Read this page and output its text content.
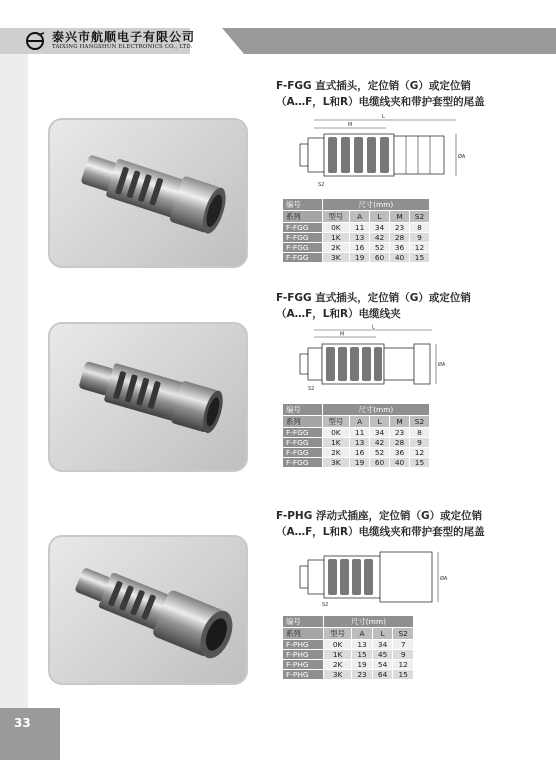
泰兴市航顺电子有限公司
TAIXING HANGSHUN ELECTRONICS CO., LTD.
33
F-FGG 直式插头，定位销（G）或定位销
（A…F，L和R）电缆线夹和带护套型的尾盖
L
M
ØA
S2
编号	尺寸(mm)				
系列	型号	A	L	M	S2
F-FGG	0K	11	34	23	8
F-FGG	1K	13	42	28	9
F-FGG	2K	16	52	36	12
F-FGG	3K	19	60	40	15
F-FGG 直式插头，定位销（G）或定位销
（A…F，L和R）电缆线夹
L
M
ØA
S2
编号	尺寸(mm)				
系列	型号	A	L	M	S2
F-FGG	0K	11	34	23	8
F-FGG	1K	13	42	28	9
F-FGG	2K	16	52	36	12
F-FGG	3K	19	60	40	15
F-PHG 浮动式插座，定位销（G）或定位销
（A…F，L和R）电缆线夹和带护套型的尾盖
ØA
S2
编号	尺寸(mm)			
系列	型号	A	L	S2
F-PHG	0K	13	34	7
F-PHG	1K	15	45	9
F-PHG	2K	19	54	12
F-PHG	3K	23	64	15
